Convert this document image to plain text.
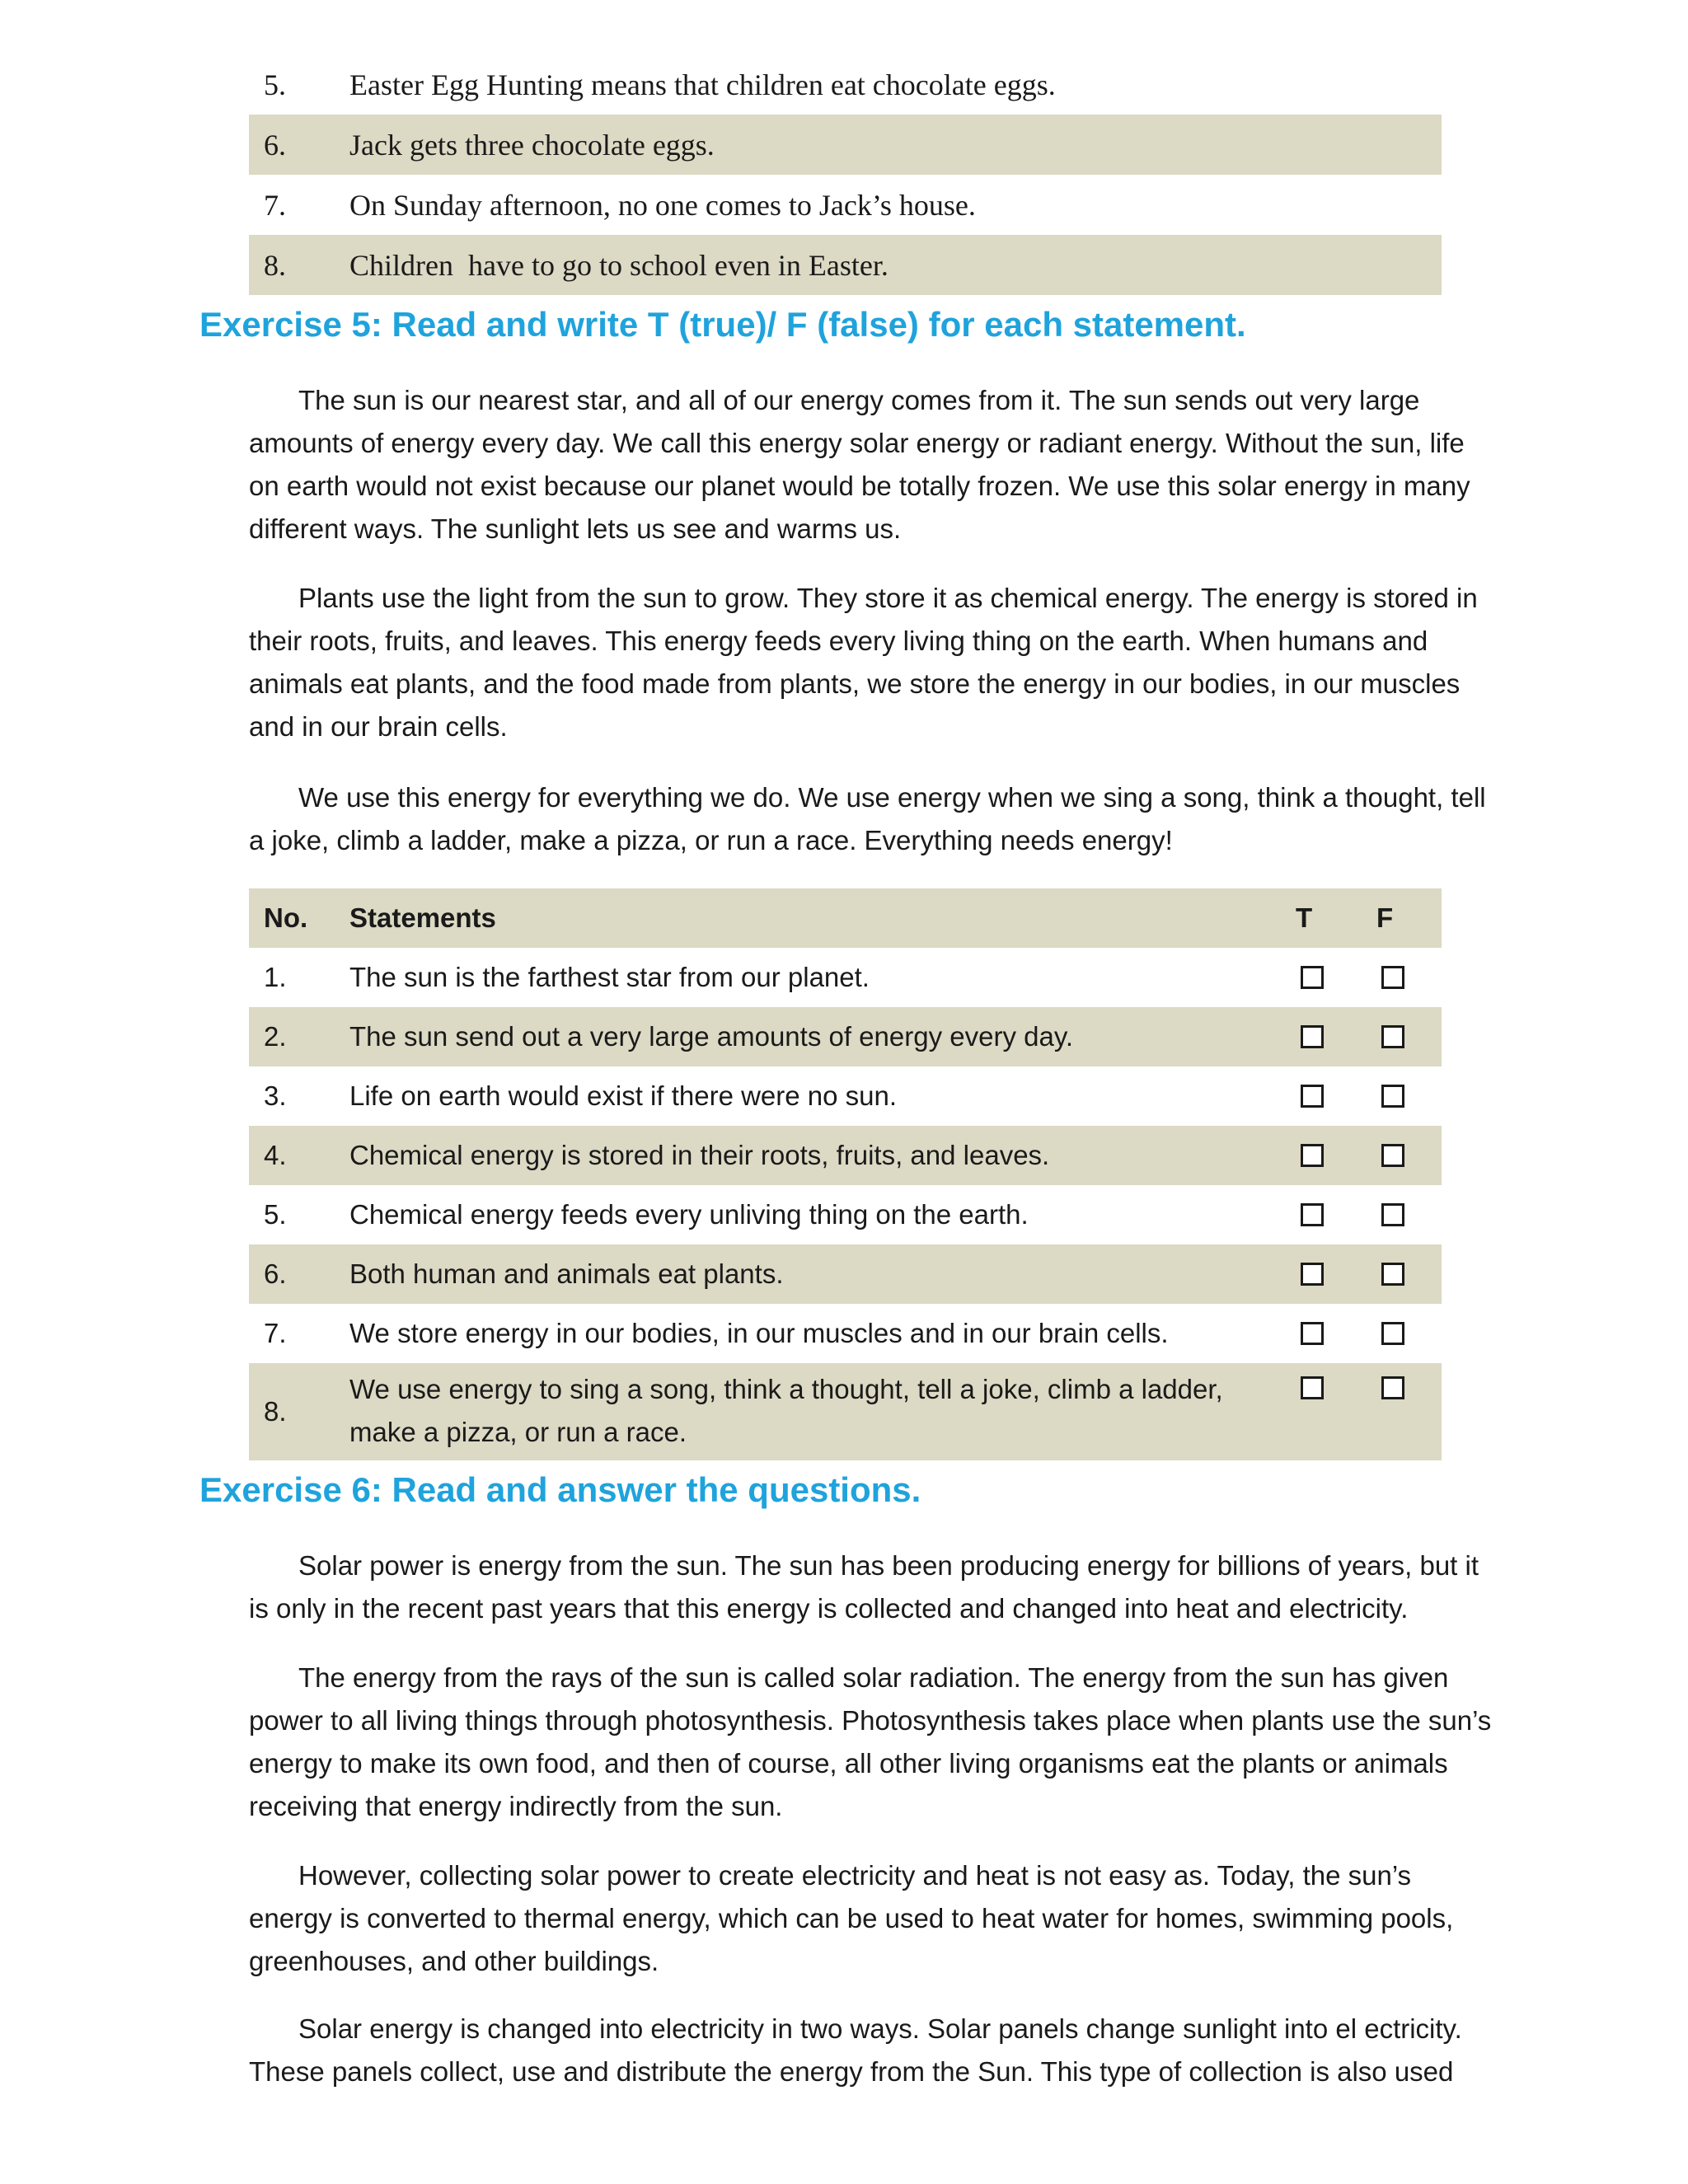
5. Easter Egg Hunting means that children eat chocolate eggs.
6. Jack gets three chocolate eggs.
7. On Sunday afternoon, no one comes to Jack’s house.
8. Children  have to go to school even in Easter.
Exercise 5: Read and write T (true)/ F (false) for each statement.
The sun is our nearest star, and all of our energy comes from it. The sun sends out very large amounts of energy every day. We call this energy solar energy or radiant energy. Without the sun, life on earth would not exist because our planet would be totally frozen. We use this solar energy in many different ways. The sunlight lets us see and warms us.
Plants use the light from the sun to grow. They store it as chemical energy. The energy is stored in their roots, fruits, and leaves. This energy feeds every living thing on the earth. When humans and animals eat plants, and the food made from plants, we store the energy in our bodies, in our muscles and in our brain cells.
We use this energy for everything we do. We use energy when we sing a song, think a thought, tell a joke, climb a ladder, make a pizza, or run a race. Everything needs energy!
No. Statements	T F
1. The sun is the farthest star from our planet.
2. The sun send out a very large amounts of energy every day.
3. Life on earth would exist if there were no sun.
4. Chemical energy is stored in their roots, fruits, and leaves.
5. Chemical energy feeds every unliving thing on the earth.
6. Both human and animals eat plants.
7. We store energy in our bodies, in our muscles and in our brain cells.
8.
We use energy to sing a song, think a thought, tell a joke, climb a ladder, make a pizza, or run a race.
Exercise 6: Read and answer the questions.
Solar power is energy from the sun. The sun has been producing energy for billions of years, but it is only in the recent past years that this energy is collected and changed into heat and electricity.
The energy from the rays of the sun is called solar radiation. The energy from the sun has given power to all living things through photosynthesis. Photosynthesis takes place when plants use the sun’s energy to make its own food, and then of course, all other living organisms eat the plants or animals receiving that energy indirectly from the sun.
However, collecting solar power to create electricity and heat is not easy as. Today, the sun’s energy is converted to thermal energy, which can be used to heat water for homes, swimming pools, greenhouses, and other buildings.
Solar energy is changed into electricity in two ways. Solar panels change sunlight into el ectricity. These panels collect, use and distribute the energy from the Sun. This type of collection is also used
